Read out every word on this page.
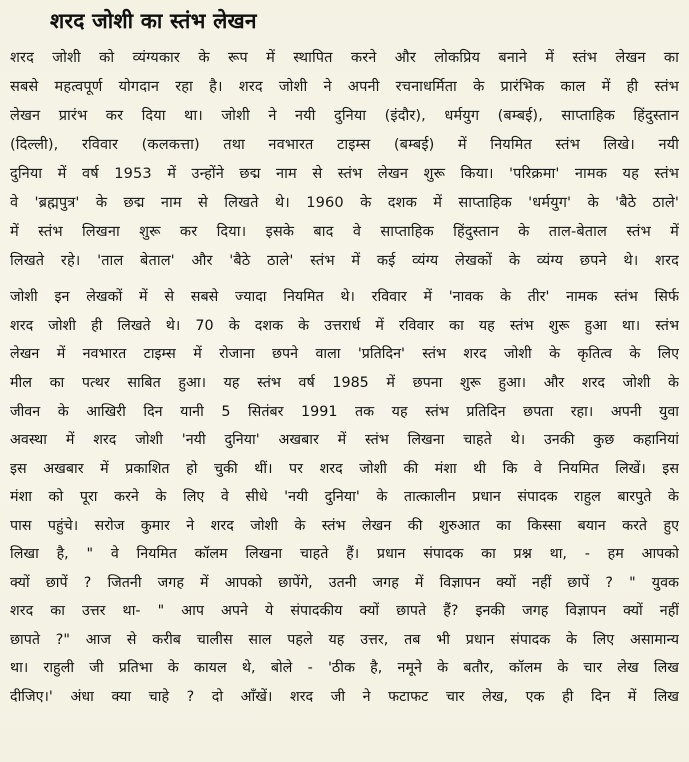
शरद जोशी का स्तंभ लेखन
शरद जोशी को व्यंग्यकार के रूप में स्थापित करने और लोकप्रिय बनाने में स्तंभ लेखन का
सबसे महत्वपूर्ण योगदान रहा है। शरद जोशी ने अपनी रचनाधर्मिता के प्रारंभिक काल में ही स्तंभ
लेखन प्रारंभ कर दिया था। जोशी ने नयी दुनिया (इंदौर), धर्मयुग (बम्बई), साप्ताहिक हिंदुस्तान
(दिल्ली), रविवार (कलकत्ता) तथा नवभारत टाइम्स (बम्बई) में नियमित स्तंभ लिखे। नयी
दुनिया में वर्ष 1953 में उन्होंने छद्म नाम से स्तंभ लेखन शुरू किया। 'परिक्रमा' नामक यह स्तंभ
वे 'ब्रह्मपुत्र' के छद्म नाम से लिखते थे। 1960 के दशक में साप्ताहिक 'धर्मयुग' के 'बैठे ठाले'
में स्तंभ लिखना शुरू कर दिया। इसके बाद वे साप्ताहिक हिंदुस्तान के ताल-बेताल स्तंभ में
लिखते रहे। 'ताल बेताल' और 'बैठे ठाले' स्तंभ में कई व्यंग्य लेखकों के व्यंग्य छपने थे। शरद
जोशी इन लेखकों में से सबसे ज्यादा नियमित थे। रविवार में 'नावक के तीर' नामक स्तंभ सिर्फ
शरद जोशी ही लिखते थे। 70 के दशक के उत्तरार्ध में रविवार का यह स्तंभ शुरू हुआ था। स्तंभ
लेखन में नवभारत टाइम्स में रोजाना छपने वाला 'प्रतिदिन' स्तंभ शरद जोशी के कृतित्व के लिए
मील का पत्थर साबित हुआ। यह स्तंभ वर्ष 1985 में छपना शुरू हुआ। और शरद जोशी के
जीवन के आखिरी दिन यानी 5 सितंबर 1991 तक यह स्तंभ प्रतिदिन छपता रहा। अपनी युवा
अवस्था में शरद जोशी 'नयी दुनिया' अखबार में स्तंभ लिखना चाहते थे। उनकी कुछ कहानियां
इस अखबार में प्रकाशित हो चुकी थीं। पर शरद जोशी की मंशा थी कि वे नियमित लिखें। इस
मंशा को पूरा करने के लिए वे सीधे 'नयी दुनिया' के तात्कालीन प्रधान संपादक राहुल बारपुते के
पास पहुंचे। सरोज कुमार ने शरद जोशी के स्तंभ लेखन की शुरुआत का किस्सा बयान करते हुए
लिखा है, " वे नियमित कॉलम लिखना चाहते हैं। प्रधान संपादक का प्रश्न था, - हम आपको
क्यों छापें ? जितनी जगह में आपको छापेंगे, उतनी जगह में विज्ञापन क्यों नहीं छापें ? " युवक
शरद का उत्तर था- " आप अपने ये संपादकीय क्यों छापते हैं? इनकी जगह विज्ञापन क्यों नहीं
छापते ?" आज से करीब चालीस साल पहले यह उत्तर, तब भी प्रधान संपादक के लिए असामान्य
था। राहुली जी प्रतिभा के कायल थे, बोले - 'ठीक है, नमूने के बतौर, कॉलम के चार लेख लिख
दीजिए।' अंधा क्या चाहे ? दो आँखें। शरद जी ने फटाफट चार लेख, एक ही दिन में लिख
